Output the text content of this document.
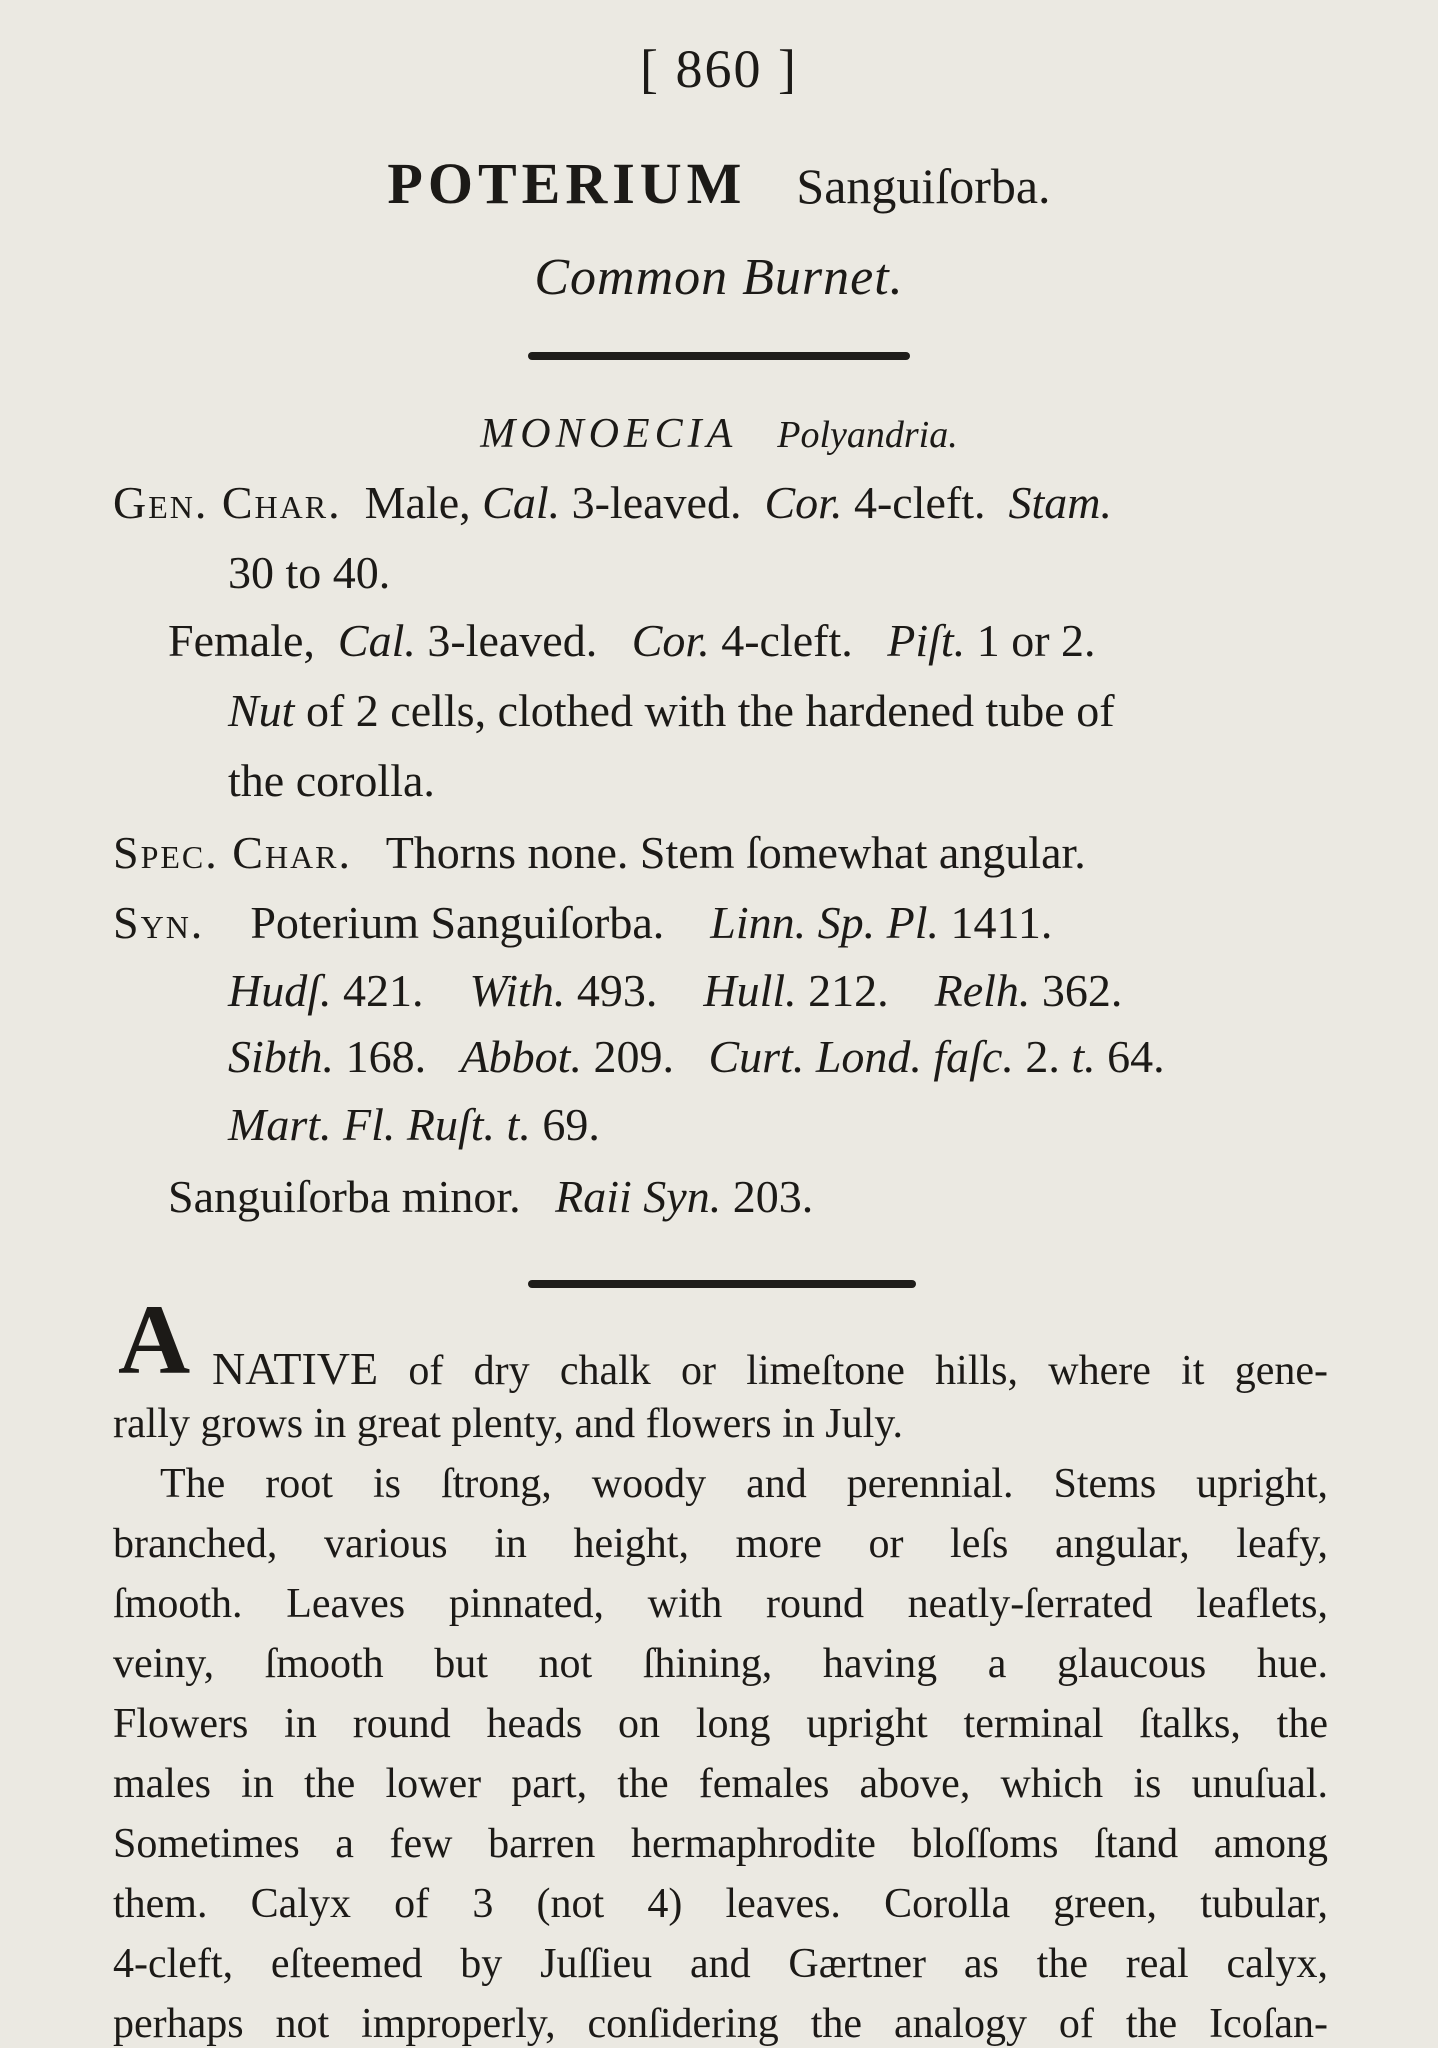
[ 860 ]
POTERIUM Sanguiſorba.
Common Burnet.
MONOECIA Polyandria.
Gen. Char. Male, Cal. 3-leaved. Cor. 4-cleft. Stam.
30 to 40.
Female, Cal. 3-leaved. Cor. 4-cleft. Piſt. 1 or 2.
Nut of 2 cells, clothed with the hardened tube of
the corolla.
Spec. Char. Thorns none. Stem ſomewhat angular.
Syn. Poterium Sanguiſorba. Linn. Sp. Pl. 1411.
Hudſ. 421. With. 493. Hull. 212. Relh. 362.
Sibth. 168. Abbot. 209. Curt. Lond. faſc. 2. t. 64.
Mart. Fl. Ruſt. t. 69.
Sanguiſorba minor. Raii Syn. 203.
A NATIVE of dry chalk or limeſtone hills, where it gene-
rally grows in great plenty, and flowers in July.
The root is ſtrong, woody and perennial. Stems upright,
branched, various in height, more or leſs angular, leafy,
ſmooth. Leaves pinnated, with round neatly-ſerrated leaflets,
veiny, ſmooth but not ſhining, having a glaucous hue.
Flowers in round heads on long upright terminal ſtalks, the
males in the lower part, the females above, which is unuſual.
Sometimes a few barren hermaphrodite bloſſoms ſtand among
them. Calyx of 3 (not 4) leaves. Corolla green, tubular,
4-cleft, eſteemed by Juſſieu and Gærtner as the real calyx,
perhaps not improperly, conſidering the analogy of the Icoſan-
